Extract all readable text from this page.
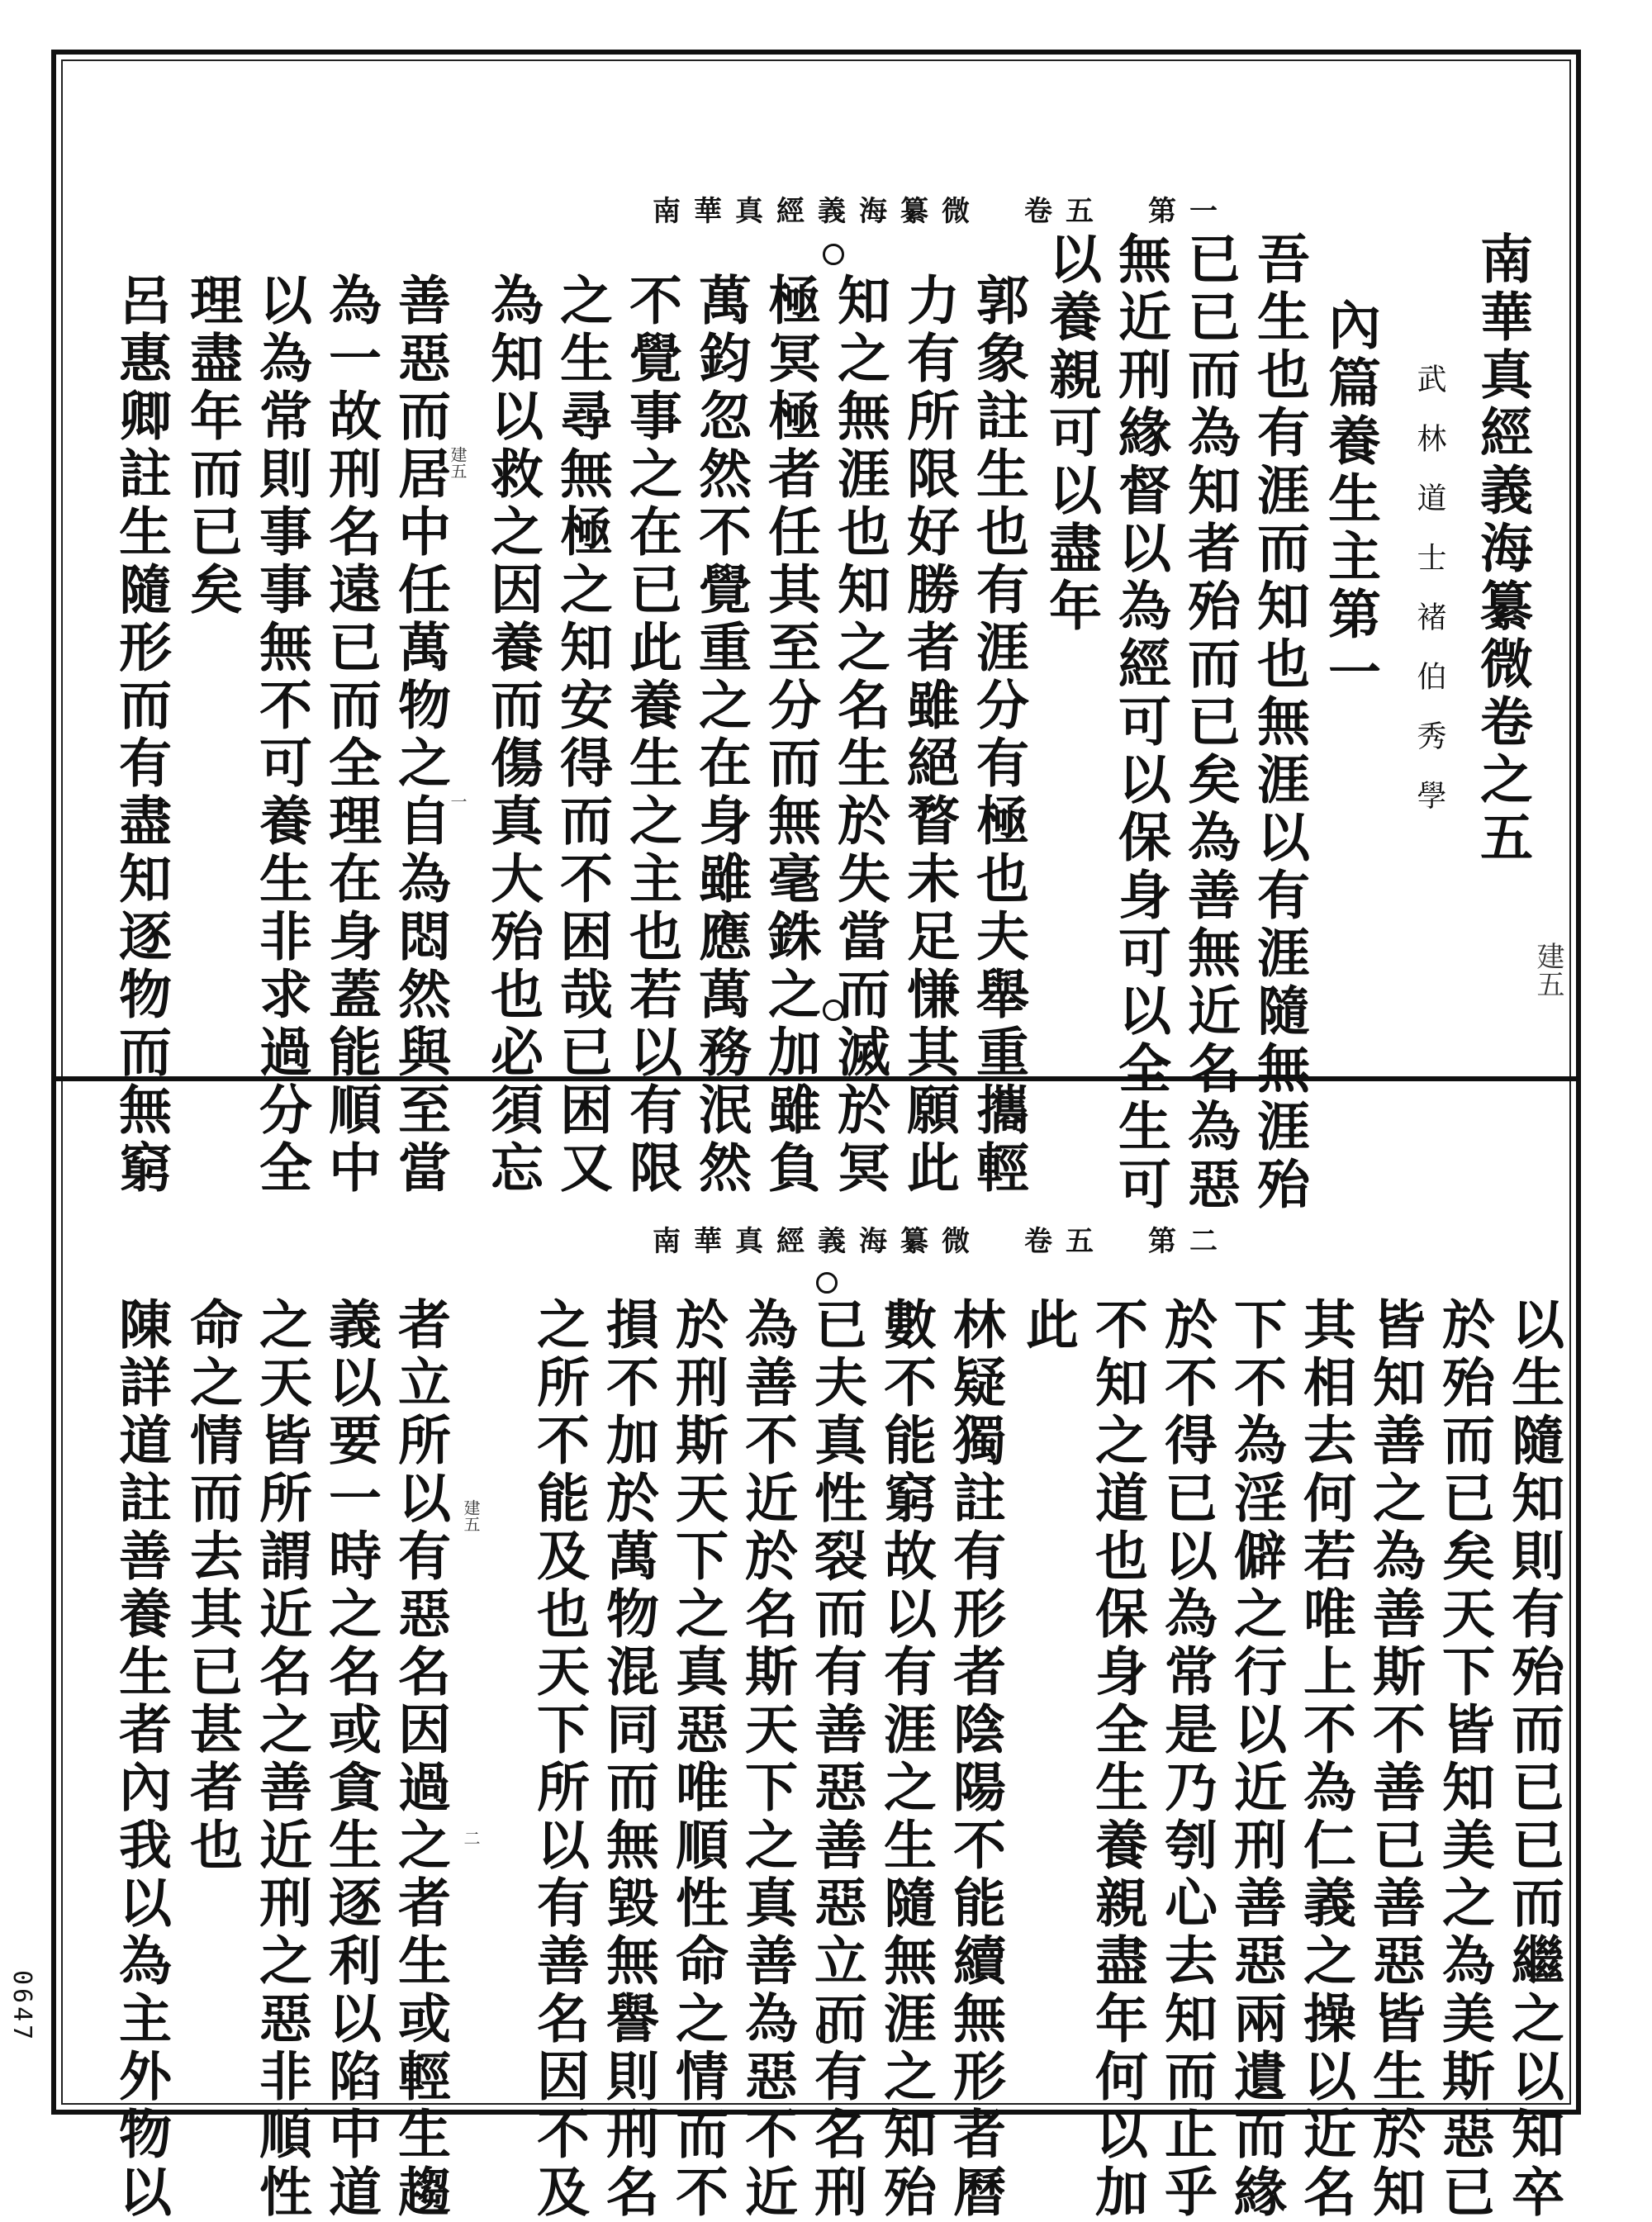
南華真經義海纂微　卷五　第一
南華真經義海纂微卷之五
武林道士褚伯秀學
內篇養生主第一
吾生也有涯而知也無涯以有涯隨無涯殆
已已而為知者殆而已矣為善無近名為惡
無近刑緣督以為經可以保身可以全生可
以養親可以盡年
郭象註生也有涯分有極也夫舉重攜輕
力有所限好勝者雖絕瞀未足慊其願此
知之無涯也知之名生於失當而滅於冥
極冥極者任其至分而無毫銖之加雖負
萬鈞忽然不覺重之在身雖應萬務泯然
不覺事之在已此養生之主也若以有限
之生尋無極之知安得而不困哉已困又
為知以救之因養而傷真大殆也必須忘
善惡而居中任萬物之自為悶然與至當
為一故刑名遠已而全理在身蓋能順中
以為常則事事無不可養生非求過分全
理盡年而已矣
呂惠卿註生隨形而有盡知逐物而無窮	建五
建五
一
南華真經義海纂微　卷五　第二
以生隨知則有殆而已已而繼之以知卒
於殆而已矣天下皆知美之為美斯惡已
皆知善之為善斯不善已善惡皆生於知
其相去何若唯上不為仁義之操以近名
下不為淫僻之行以近刑善惡兩遺而緣
於不得已以為常是乃刳心去知而止乎
不知之道也保身全生養親盡年何以加
此
林疑獨註有形者陰陽不能續無形者曆
數不能窮故以有涯之生隨無涯之知殆
已夫真性裂而有善惡善惡立而有名刑
為善不近於名斯天下之真善為惡不近
於刑斯天下之真惡唯順性命之情而不
損不加於萬物混同而無毀無譽則刑名
之所不能及也天下所以有善名因不及
者立所以有惡名因過之者生或輕生趨
義以要一時之名或貪生逐利以陷中道
之天皆所謂近名之善近刑之惡非順性
命之情而去其已甚者也
陳詳道註善養生者內我以為主外物以	建五
二
0647
